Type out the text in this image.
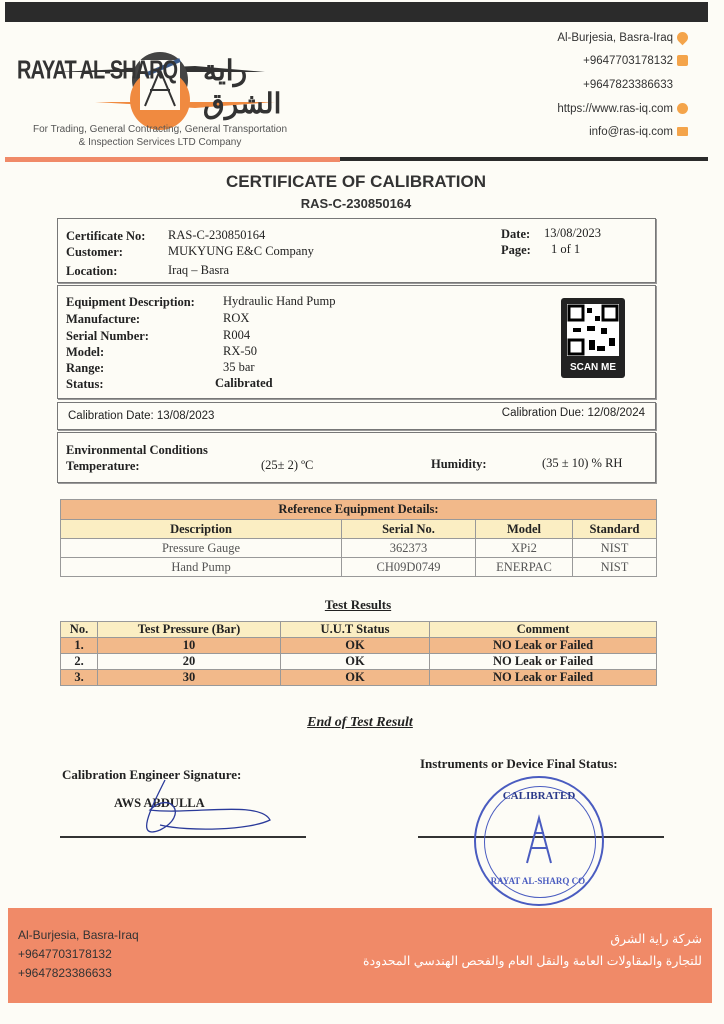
RAYAT AL-SHARQ راية الشرق
For Trading, General Contracting, General Transportation
& Inspection Services LTD Company
Al-Burjesia, Basra-Iraq
+9647703178132
+9647823386633
https://www.ras-iq.com
info@ras-iq.com
CERTIFICATE OF CALIBRATION
RAS-C-230850164
Certificate No: RAS-C-230850164
Customer:	MUKYUNG E&C Company
Location:	Iraq – Basra
Date: 13/08/2023
Page: 1 of 1
Equipment Description: Hydraulic Hand Pump
Manufacture:	ROX
Serial Number:	R004
Model:	RX-50
Range:	35 bar
Status:	Calibrated
SCAN ME
Calibration Date: 13/08/2023	Calibration Due: 12/08/2024
Environmental Conditions
Temperature:	(25± 2) ºC	Humidity:	(35 ± 10) % RH
Reference Equipment Details:			
Description	Serial No.	Model	Standard
Pressure Gauge	362373	XPi2	NIST
Hand Pump	CH09D0749	ENERPAC	NIST
Test Results
No.	Test Pressure (Bar)	U.U.T Status	Comment
1.	10	OK	NO Leak or Failed
2.	20	OK	NO Leak or Failed
3.	30	OK	NO Leak or Failed
End of Test Result
Calibration Engineer Signature:
AWS ABDULLA
Instruments or Device Final Status:
CALIBRATED
RAYAT AL-SHARQ CO.
Al-Burjesia, Basra-Iraq
+9647703178132
+9647823386633
شركة راية الشرق
للتجارة والمقاولات العامة والنقل العام والفحص الهندسي المحدودة
